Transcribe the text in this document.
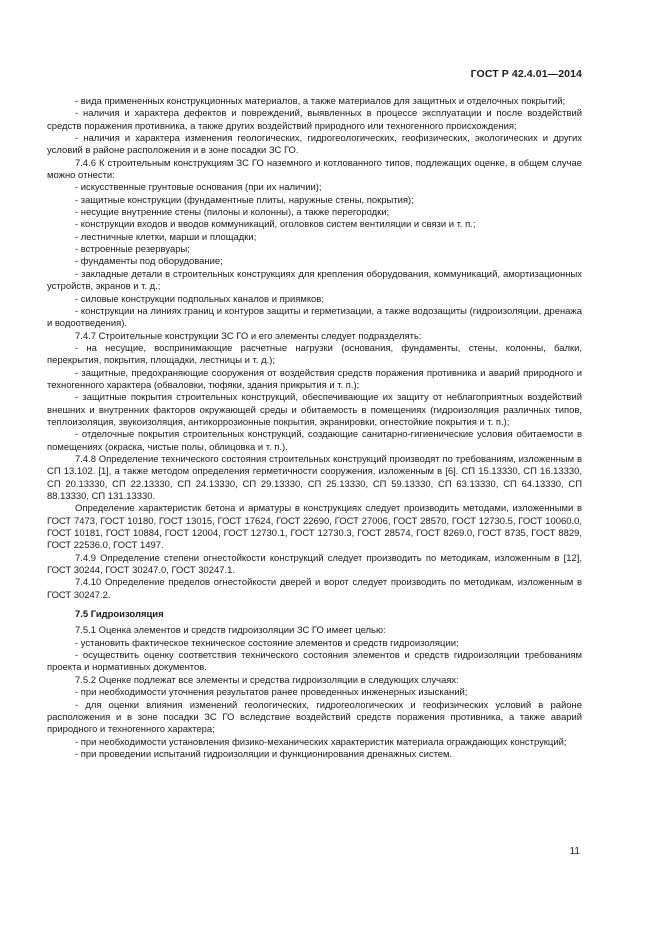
ГОСТ Р 42.4.01—2014

- вида примененных конструкционных материалов, а также материалов для защитных и отделочных покрытий;

- наличия и характера дефектов и повреждений, выявленных в процессе эксплуатации и после воздействий средств поражения противника, а также других воздействий природного или техногенного происхождения;

- наличия и характера изменения геологических, гидрогеологических, геофизических, экологических и других условий в районе расположения и в зоне посадки ЗС ГО.

7.4.6 К строительным конструкциям ЗС ГО наземного и котлованного типов, подлежащих оценке, в общем случае можно отнести:

- искусственные грунтовые основания (при их наличии);

- защитные конструкции (фундаментные плиты, наружные стены, покрытия);

- несущие внутренние стены (пилоны и колонны), а также перегородки;

- конструкции входов и вводов коммуникаций, оголовков систем вентиляции и связи и т. п.;

- лестничные клетки, марши и площадки;

- встроенные резервуары;

- фундаменты под оборудование;

- закладные детали в строительных конструкциях для крепления оборудования, коммуникаций, амортизационных устройств, экранов и т. д.;

- силовые конструкции подпольных каналов и приямков;

- конструкции на линиях границ и контуров защиты и герметизации, а также водозащиты (гидроизоляции, дренажа и водоотведения).

7.4.7 Строительные конструкции ЗС ГО и его элементы следует подразделять:

- на несущие, воспринимающие расчетные нагрузки (основания, фундаменты, стены, колонны, балки, перекрытия, покрытия, площадки, лестницы и т. д.);

- защитные, предохраняющие сооружения от воздействия средств поражения противника и аварий природного и техногенного характера (обваловки, тюфяки, здания прикрытия и т. п.);

- защитные покрытия строительных конструкций, обеспечивающие их защиту от неблагоприятных воздействий внешних и внутренних факторов окружающей среды и обитаемость в помещениях (гидроизоляция различных типов, теплоизоляция, звукоизоляция, антикоррозионные покрытия, экранировки, огнестойкие покрытия и т. п.);

- отделочные покрытия строительных конструкций, создающие санитарно-гигиенические условия обитаемости в помещениях (окраска, чистые полы, облицовка и т. п.).

7.4.8 Определение технического состояния строительных конструкций производят по требованиям, изложенным в СП 13.102. [1], а также методом определения герметичности сооружения, изложенным в [6]. СП 15.13330, СП 16.13330, СП 20.13330, СП 22.13330, СП 24.13330, СП 29.13330, СП 25.13330, СП 59.13330, СП 63.13330, СП 64.13330, СП 88.13330, СП 131.13330.

Определение характеристик бетона и арматуры в конструкциях следует производить методами, изложенными в ГОСТ 7473, ГОСТ 10180, ГОСТ 13015, ГОСТ 17624, ГОСТ 22690, ГОСТ 27006, ГОСТ 28570, ГОСТ 12730.5, ГОСТ 10060.0, ГОСТ 10181, ГОСТ 10884, ГОСТ 12004, ГОСТ 12730.1, ГОСТ 12730.3, ГОСТ 28574, ГОСТ 8269.0, ГОСТ 8735, ГОСТ 8829, ГОСТ 22536.0, ГОСТ 1497.

7.4.9 Определение степени огнестойкости конструкций следует производить по методикам, изложенным в [12], ГОСТ 30244, ГОСТ 30247.0, ГОСТ 30247.1.

7.4.10 Определение пределов огнестойкости дверей и ворот следует производить по методикам, изложенным в ГОСТ 30247.2.

7.5 Гидроизоляция

7.5.1 Оценка элементов и средств гидроизоляции ЗС ГО имеет целью:

- установить фактическое техническое состояние элементов и средств гидроизоляции;

- осуществить оценку соответствия технического состояния элементов и средств гидроизоляции требованиям проекта и нормативных документов.

7.5.2 Оценке подлежат все элементы и средства гидроизоляции в следующих случаях:

- при необходимости уточнения результатов ранее проведенных инженерных изысканий;

- для оценки влияния изменений геологических, гидрогеологических и геофизических условий в районе расположения и в зоне посадки ЗС ГО вследствие воздействий средств поражения противника, а также аварий природного и техногенного характера;

- при необходимости установления физико-механических характеристик материала ограждающих конструкций;

- при проведении испытаний гидроизоляции и функционирования дренажных систем.

11
